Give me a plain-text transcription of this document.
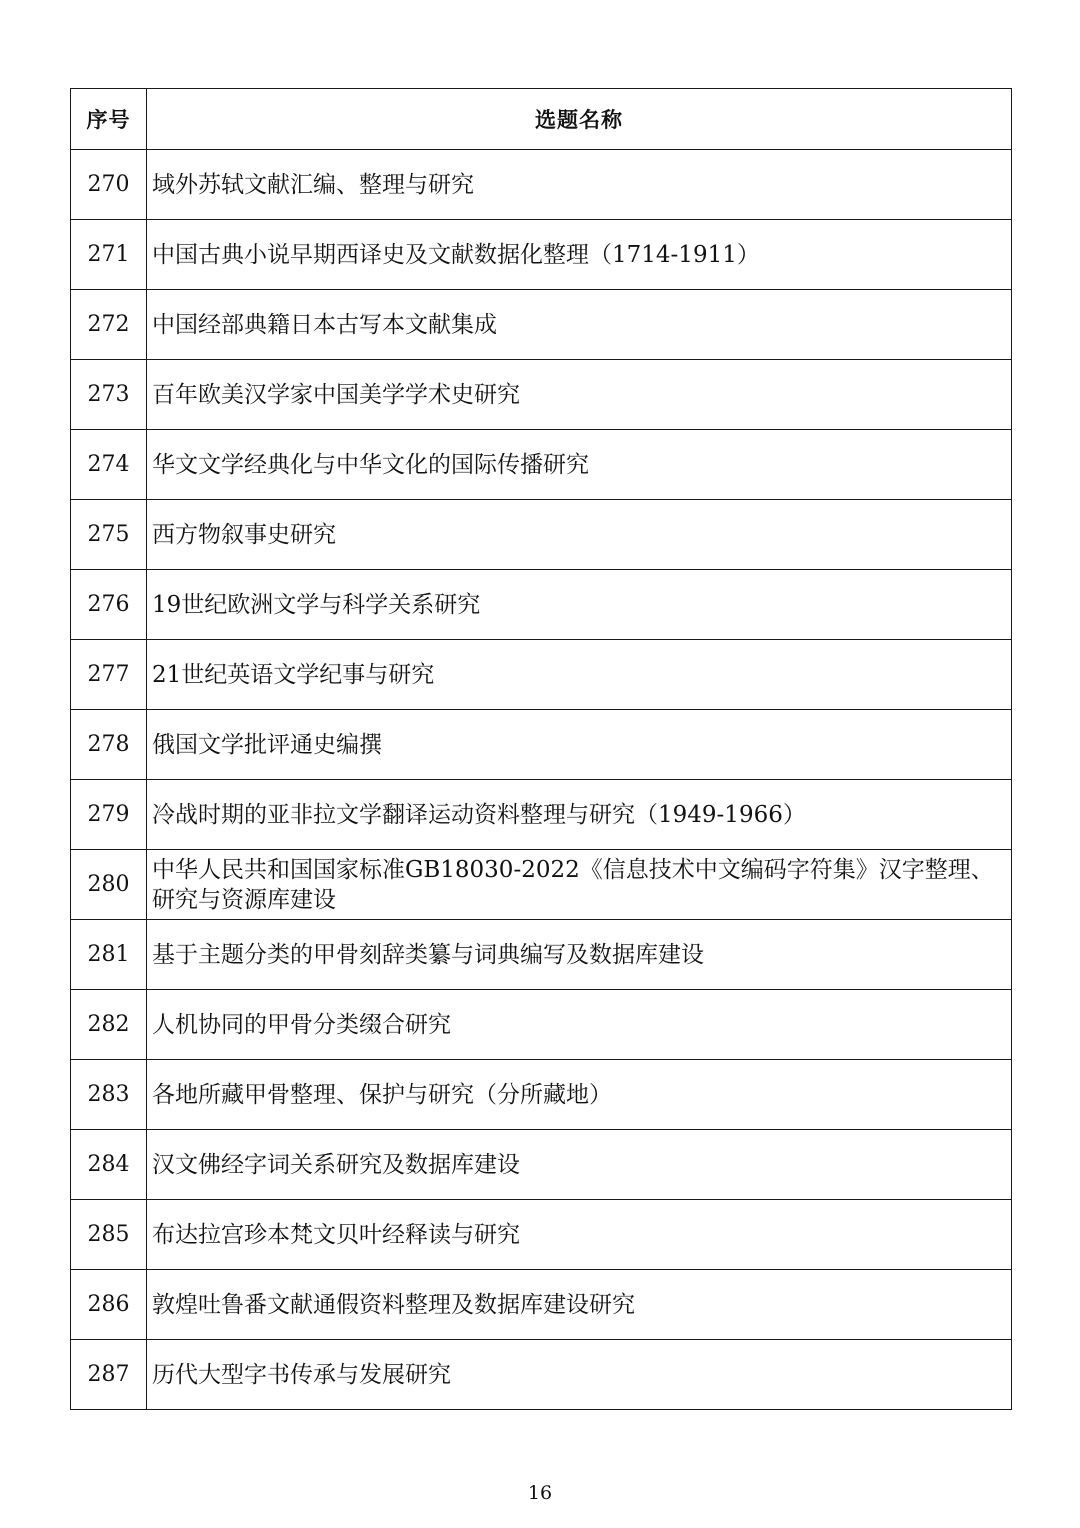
序号	选题名称
270	域外苏轼文献汇编、整理与研究
271	中国古典小说早期西译史及文献数据化整理（1714-1911）
272	中国经部典籍日本古写本文献集成
273	百年欧美汉学家中国美学学术史研究
274	华文文学经典化与中华文化的国际传播研究
275	西方物叙事史研究
276	19世纪欧洲文学与科学关系研究
277	21世纪英语文学纪事与研究
278	俄国文学批评通史编撰
279	冷战时期的亚非拉文学翻译运动资料整理与研究（1949-1966）
280	中华人民共和国国家标准GB18030-2022《信息技术中文编码字符集》汉字整理、研究与资源库建设
281	基于主题分类的甲骨刻辞类纂与词典编写及数据库建设
282	人机协同的甲骨分类缀合研究
283	各地所藏甲骨整理、保护与研究（分所藏地）
284	汉文佛经字词关系研究及数据库建设
285	布达拉宫珍本梵文贝叶经释读与研究
286	敦煌吐鲁番文献通假资料整理及数据库建设研究
287	历代大型字书传承与发展研究
16
